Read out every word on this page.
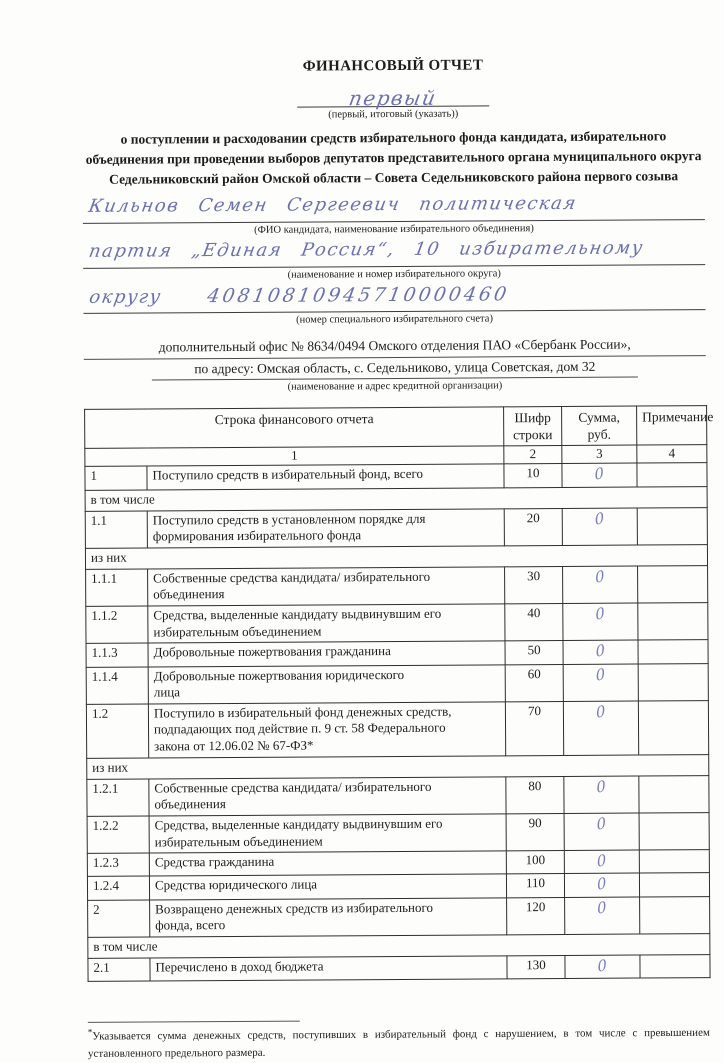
ФИНАНСОВЫЙ ОТЧЕТ
первый
(первый, итоговый (указать))

о поступлении и расходовании средств избирательного фонда кандидата, избирательного объединения при проведении выборов депутатов представительного органа муниципального округа Седельниковский район Омской области – Совета Седельниковского района первого созыва

Кильнов Семен Сергеевич политическая
(ФИО кандидата, наименование избирательного объединения)
партия „Единая Россия“, 10 избирательному
(наименование и номер избирательного округа)
округу 40810810945710000460
(номер специального избирательного счета)
дополнительный офис № 8634/0494 Омского отделения ПАО «Сбербанк России»,
по адресу: Омская область, с. Седельниково, улица Советская, дом 32
(наименование и адрес кредитной организации)
Строка финансового отчета		Шифр строки	Сумма, руб.	Примечание
1		2	3	4
1	Поступило средств в избирательный фонд, всего	10	0	
в том числе				
1.1	Поступило средств в установленном порядке для
формирования избирательного фонда	20	0	
из них				
1.1.1	Собственные средства кандидата/ избирательного
объединения	30	0	
1.1.2	Средства, выделенные кандидату выдвинувшим его
избирательным объединением	40	0	
1.1.3	Добровольные пожертвования гражданина	50	0	
1.1.4	Добровольные пожертвования юридического
лица	60	0	
1.2	Поступило в избирательный фонд денежных средств,
подпадающих под действие п. 9 ст. 58 Федерального
закона от 12.06.02 № 67-ФЗ*	70	0	
из них				
1.2.1	Собственные средства кандидата/ избирательного
объединения	80	0	
1.2.2	Средства, выделенные кандидату выдвинувшим его
избирательным объединением	90	0	
1.2.3	Средства гражданина	100	0	
1.2.4	Средства юридического лица	110	0	
2	Возвращено денежных средств из избирательного
фонда, всего	120	0	
в том числе				
2.1	Перечислено в доход бюджета	130	0	

*Указывается сумма денежных средств, поступивших в избирательный фонд с нарушением, в том числе с превышением установленного предельного размера.
